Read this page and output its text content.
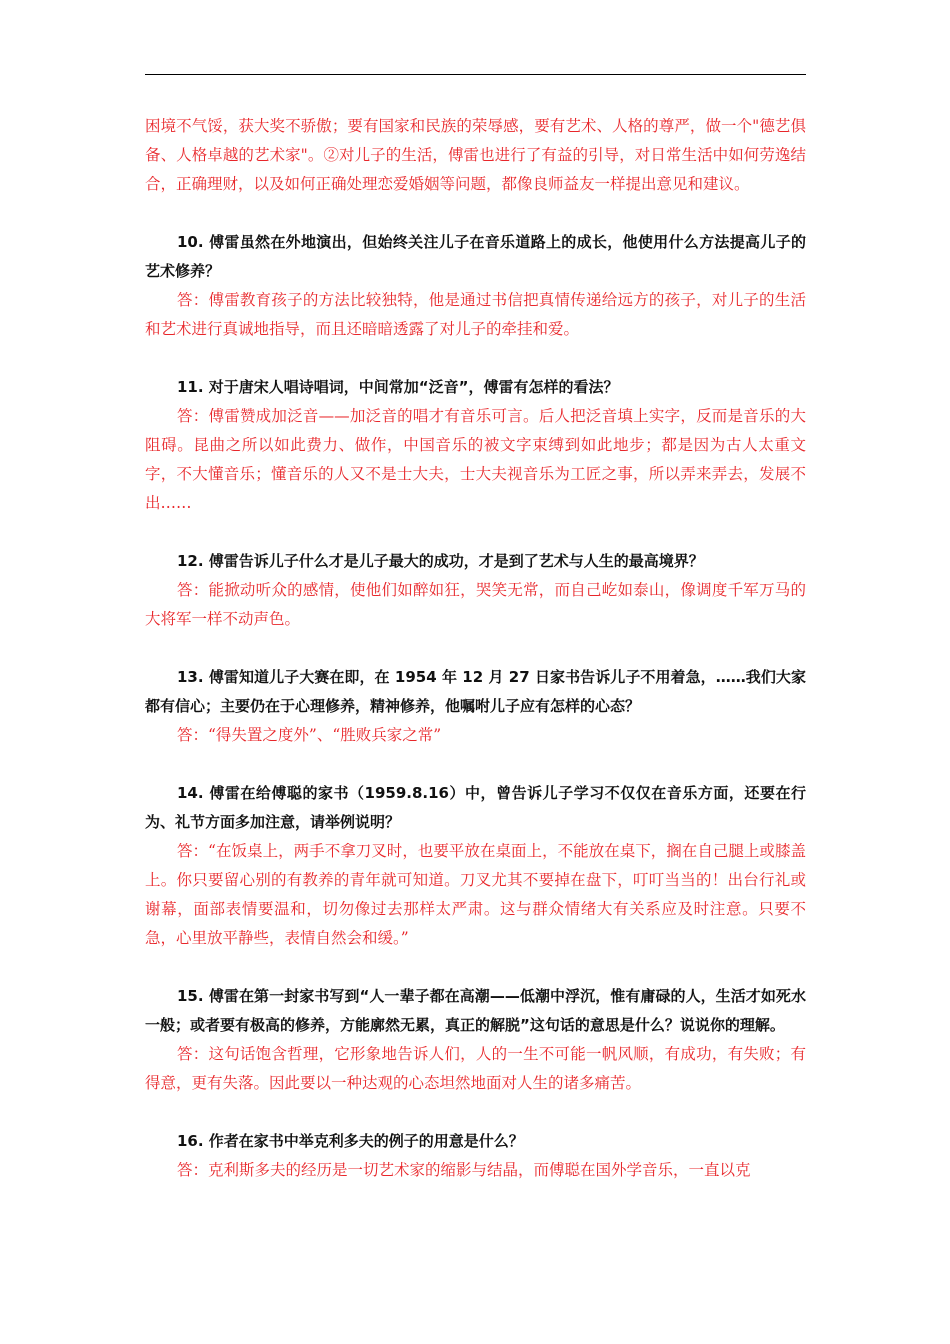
困境不气馁，获大奖不骄傲；要有国家和民族的荣辱感，要有艺术、人格的尊严，做一个"德艺俱备、人格卓越的艺术家"。②对儿子的生活，傅雷也进行了有益的引导，对日常生活中如何劳逸结合，正确理财，以及如何正确处理恋爱婚姻等问题，都像良师益友一样提出意见和建议。

10. 傅雷虽然在外地演出，但始终关注儿子在音乐道路上的成长，他使用什么方法提高儿子的艺术修养？

答：傅雷教育孩子的方法比较独特，他是通过书信把真情传递给远方的孩子，对儿子的生活和艺术进行真诚地指导，而且还暗暗透露了对儿子的牵挂和爱。

11. 对于唐宋人唱诗唱词，中间常加“泛音”，傅雷有怎样的看法？

答：傅雷赞成加泛音——加泛音的唱才有音乐可言。后人把泛音填上实字，反而是音乐的大阻碍。昆曲之所以如此费力、做作，中国音乐的被文字束缚到如此地步；都是因为古人太重文字，不大懂音乐；懂音乐的人又不是士大夫，士大夫视音乐为工匠之事，所以弄来弄去，发展不出……

12. 傅雷告诉儿子什么才是儿子最大的成功，才是到了艺术与人生的最高境界？

答：能掀动听众的感情，使他们如醉如狂，哭笑无常，而自己屹如泰山，像调度千军万马的大将军一样不动声色。

13. 傅雷知道儿子大赛在即，在 1954 年 12 月 27 日家书告诉儿子不用着急，……我们大家都有信心；主要仍在于心理修养，精神修养，他嘱咐儿子应有怎样的心态？

答：“得失置之度外”、“胜败兵家之常”

14. 傅雷在给傅聪的家书（1959.8.16）中，曾告诉儿子学习不仅仅在音乐方面，还要在行为、礼节方面多加注意，请举例说明？

答：“在饭桌上，两手不拿刀叉时，也要平放在桌面上，不能放在桌下，搁在自己腿上或膝盖上。你只要留心别的有教养的青年就可知道。刀叉尤其不要掉在盘下，叮叮当当的！出台行礼或谢幕，面部表情要温和，切勿像过去那样太严肃。这与群众情绪大有关系应及时注意。只要不急，心里放平静些，表情自然会和缓。”

15. 傅雷在第一封家书写到“人一辈子都在高潮——低潮中浮沉，惟有庸碌的人，生活才如死水一般；或者要有极高的修养，方能廓然无累，真正的解脱”这句话的意思是什么？说说你的理解。

答：这句话饱含哲理，它形象地告诉人们，人的一生不可能一帆风顺，有成功，有失败；有得意，更有失落。因此要以一种达观的心态坦然地面对人生的诸多痛苦。

16. 作者在家书中举克利多夫的例子的用意是什么？

答：克利斯多夫的经历是一切艺术家的缩影与结晶，而傅聪在国外学音乐，一直以克
